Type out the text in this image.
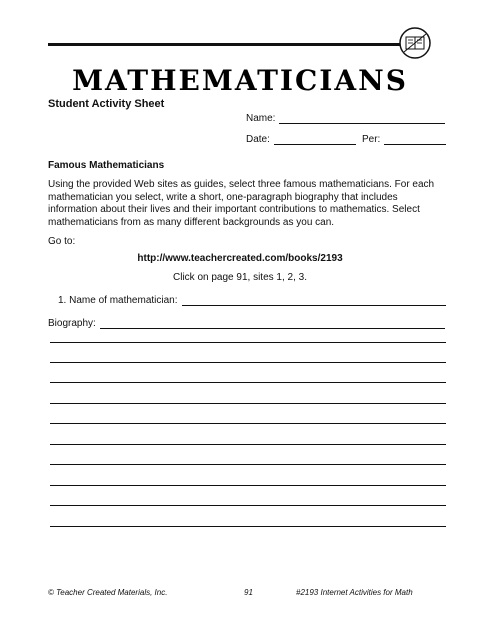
MATHEMATICIANS
Student Activity Sheet
Name:
Date:	Per:
Famous Mathematicians
Using the provided Web sites as guides, select three famous mathematicians. For each mathematician you select, write a short, one-paragraph biography that includes information about their lives and their important contributions to mathematics. Select mathematicians from as many different backgrounds as you can.
Go to:
http://www.teachercreated.com/books/2193
Click on page 91, sites 1, 2, 3.
1. Name of mathematician:
Biography:
© Teacher Created Materials, Inc.	91	#2193 Internet Activities for Math
